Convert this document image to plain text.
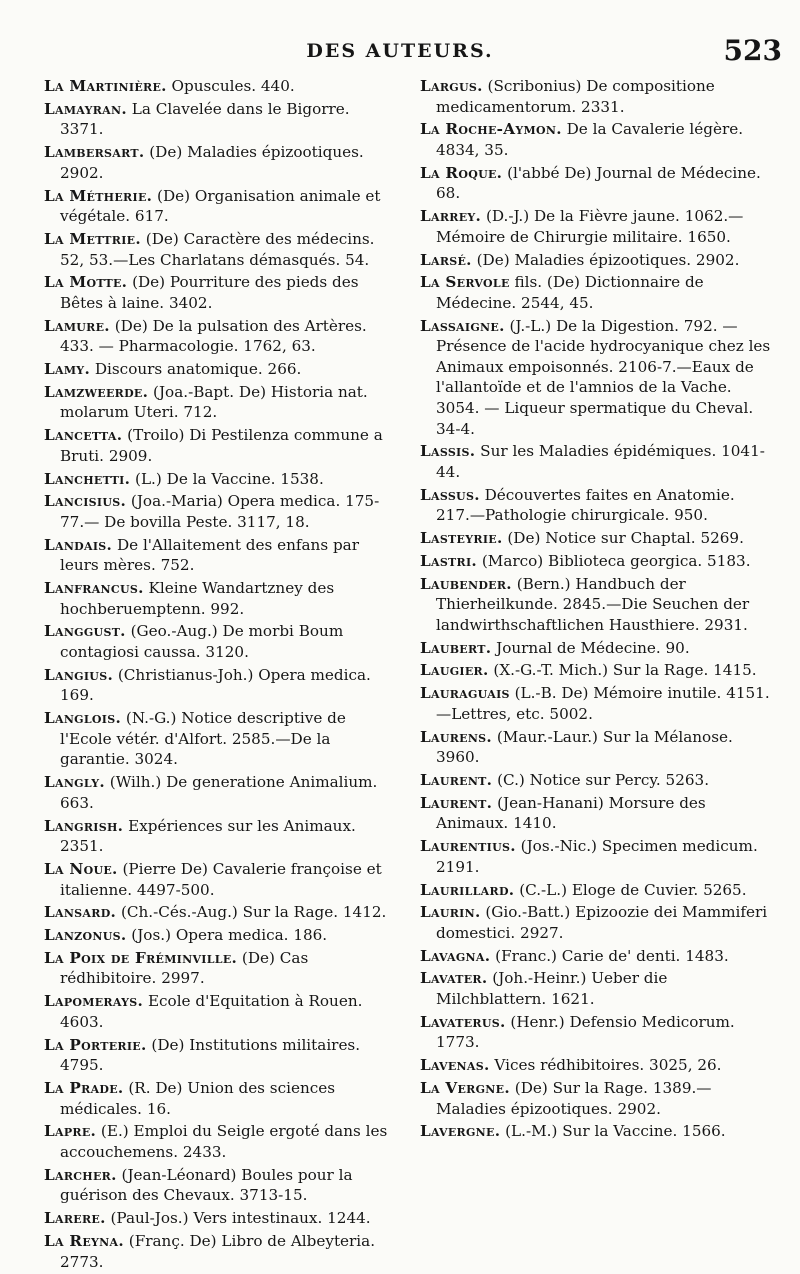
DES AUTEURS.	523

La Martinière. Opuscules. 440.

Lamayran. La Clavelée dans le Bigorre. 3371.

Lambersart. (De) Maladies épizootiques. 2902.

La Métherie. (De) Organisation animale et végétale. 617.

La Mettrie. (De) Caractère des médecins. 52, 53.—Les Charlatans démasqués. 54.

La Motte. (De) Pourriture des pieds des Bêtes à laine. 3402.

Lamure. (De) De la pulsation des Artères. 433. — Pharmacologie. 1762, 63.

Lamy. Discours anatomique. 266.

Lamzweerde. (Joa.-Bapt. De) Historia nat. molarum Uteri. 712.

Lancetta. (Troilo) Di Pestilenza commune a Bruti. 2909.

Lanchetti. (L.) De la Vaccine. 1538.

Lancisius. (Joa.-Maria) Opera medica. 175-77.— De bovilla Peste. 3117, 18.

Landais. De l'Allaitement des enfans par leurs mères. 752.

Lanfrancus. Kleine Wandartzney des hochberuemptenn. 992.

Langgust. (Geo.-Aug.) De morbi Boum contagiosi caussa. 3120.

Langius. (Christianus-Joh.) Opera medica. 169.

Langlois. (N.-G.) Notice descriptive de l'Ecole vétér. d'Alfort. 2585.—De la garantie. 3024.

Langly. (Wilh.) De generatione Animalium. 663.

Langrish. Expériences sur les Animaux. 2351.

La Noue. (Pierre De) Cavalerie françoise et italienne. 4497-500.

Lansard. (Ch.-Cés.-Aug.) Sur la Rage. 1412.

Lanzonus. (Jos.) Opera medica. 186.

La Poix de Fréminville. (De) Cas rédhibitoire. 2997.

Lapomerays. Ecole d'Equitation à Rouen. 4603.

La Porterie. (De) Institutions militaires. 4795.

La Prade. (R. De) Union des sciences médicales. 16.

Lapre. (E.) Emploi du Seigle ergoté dans les accouchemens. 2433.

Larcher. (Jean-Léonard) Boules pour la guérison des Chevaux. 3713-15.

Larere. (Paul-Jos.) Vers intestinaux. 1244.

La Reyna. (Franç. De) Libro de Albeyteria. 2773.

Largus. (Scribonius) De compositione medicamentorum. 2331.

La Roche-Aymon. De la Cavalerie légère. 4834, 35.

La Roque. (l'abbé De) Journal de Médecine. 68.

Larrey. (D.-J.) De la Fièvre jaune. 1062.—Mémoire de Chirurgie militaire. 1650.

Larsé. (De) Maladies épizootiques. 2902.

La Servole fils. (De) Dictionnaire de Médecine. 2544, 45.

Lassaigne. (J.-L.) De la Digestion. 792. —Présence de l'acide hydrocyanique chez les Animaux empoisonnés. 2106-7.—Eaux de l'allantoïde et de l'amnios de la Vache. 3054. — Liqueur spermatique du Cheval. 34-4.

Lassis. Sur les Maladies épidémiques. 1041-44.

Lassus. Découvertes faites en Anatomie. 217.—Pathologie chirurgicale. 950.

Lasteyrie. (De) Notice sur Chaptal. 5269.

Lastri. (Marco) Biblioteca georgica. 5183.

Laubender. (Bern.) Handbuch der Thierheilkunde. 2845.—Die Seuchen der landwirthschaftlichen Hausthiere. 2931.

Laubert. Journal de Médecine. 90.

Laugier. (X.-G.-T. Mich.) Sur la Rage. 1415.

Lauraguais (L.-B. De) Mémoire inutile. 4151.—Lettres, etc. 5002.

Laurens. (Maur.-Laur.) Sur la Mélanose. 3960.

Laurent. (C.) Notice sur Percy. 5263.

Laurent. (Jean-Hanani) Morsure des Animaux. 1410.

Laurentius. (Jos.-Nic.) Specimen medicum. 2191.

Laurillard. (C.-L.) Eloge de Cuvier. 5265.

Laurin. (Gio.-Batt.) Epizoozie dei Mammiferi domestici. 2927.

Lavagna. (Franc.) Carie de' denti. 1483.

Lavater. (Joh.-Heinr.) Ueber die Milchblattern. 1621.

Lavaterus. (Henr.) Defensio Medicorum. 1773.

Lavenas. Vices rédhibitoires. 3025, 26.

La Vergne. (De) Sur la Rage. 1389.— Maladies épizootiques. 2902.

Lavergne. (L.-M.) Sur la Vaccine. 1566.
